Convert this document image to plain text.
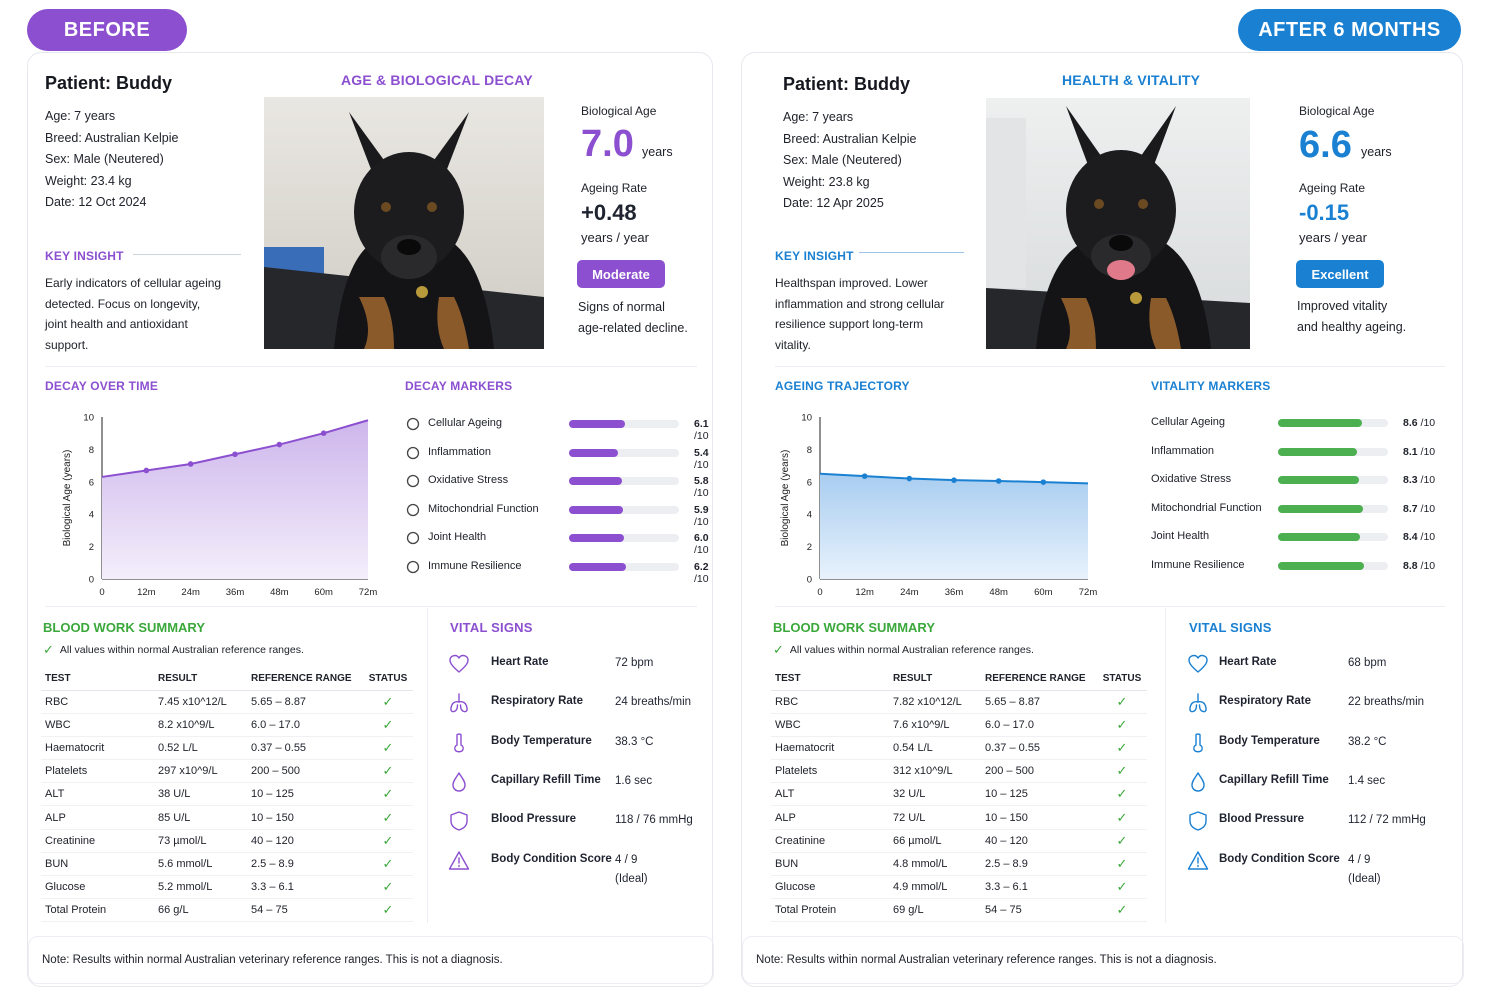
BEFORE	AFTER 6 MONTHS
Patient: Buddy
Age: 7 years
Breed: Australian Kelpie
Sex: Male (Neutered)
Weight: 23.4 kg
Date: 12 Oct 2024
AGE & BIOLOGICAL DECAY
KEY INSIGHT
Early indicators of cellular ageing
detected. Focus on longevity,
joint health and antioxidant
support.
Biological Age
7.0 years
Ageing Rate
+0.48
years / year
Moderate
Signs of normal
age-related decline.
DECAY OVER TIME
0
2
4
6
8
10
0	12m	24m	36m	48m	60m	72m
Biological Age (years)
DECAY MARKERS
Cellular Ageing	6.1 /10
Inflammation	5.4 /10
Oxidative Stress	5.8 /10
Mitochondrial Function	5.9 /10
Joint Health	6.0 /10
Immune Resilience	6.2 /10
BLOOD WORK SUMMARY
✓ All values within normal Australian reference ranges.
TEST	RESULT	REFERENCE RANGE	STATUS
RBC	7.45 x10^12/L	5.65 – 8.87	✓
WBC	8.2 x10^9/L	6.0 – 17.0	✓
Haematocrit	0.52 L/L	0.37 – 0.55	✓
Platelets	297 x10^9/L	200 – 500	✓
ALT	38 U/L	10 – 125	✓
ALP	85 U/L	10 – 150	✓
Creatinine	73 µmol/L	40 – 120	✓
BUN	5.6 mmol/L	2.5 – 8.9	✓
Glucose	5.2 mmol/L	3.3 – 6.1	✓
Total Protein	66 g/L	54 – 75	✓
VITAL SIGNS
Heart Rate	72 bpm
Respiratory Rate	24 breaths/min
Body Temperature 38.3 °C
Capillary Refill Time 1.6 sec
Blood Pressure	118 / 76 mmHg
Body Condition Score 4 / 9
(Ideal)
Note: Results within normal Australian veterinary reference ranges. This is not a diagnosis.
Patient: Buddy
Age: 7 years
Breed: Australian Kelpie
Sex: Male (Neutered)
Weight: 23.8 kg
Date: 12 Apr 2025
HEALTH & VITALITY
KEY INSIGHT
Healthspan improved. Lower
inflammation and strong cellular
resilience support long-term
vitality.
Biological Age
6.6 years
Ageing Rate
-0.15
years / year
Excellent
Improved vitality
and healthy ageing.
AGEING TRAJECTORY
0
2
4
6
8
10
0	12m	24m	36m	48m	60m	72m
Biological Age (years)
VITALITY MARKERS
Cellular Ageing	8.6 /10
Inflammation	8.1 /10
Oxidative Stress	8.3 /10
Mitochondrial Function	8.7 /10
Joint Health	8.4 /10
Immune Resilience	8.8 /10
BLOOD WORK SUMMARY
✓ All values within normal Australian reference ranges.
TEST	RESULT	REFERENCE RANGE	STATUS
RBC	7.82 x10^12/L	5.65 – 8.87	✓
WBC	7.6 x10^9/L	6.0 – 17.0	✓
Haematocrit	0.54 L/L	0.37 – 0.55	✓
Platelets	312 x10^9/L	200 – 500	✓
ALT	32 U/L	10 – 125	✓
ALP	72 U/L	10 – 150	✓
Creatinine	66 µmol/L	40 – 120	✓
BUN	4.8 mmol/L	2.5 – 8.9	✓
Glucose	4.9 mmol/L	3.3 – 6.1	✓
Total Protein	69 g/L	54 – 75	✓
VITAL SIGNS
Heart Rate	68 bpm
Respiratory Rate	22 breaths/min
Body Temperature 38.2 °C
Capillary Refill Time 1.4 sec
Blood Pressure	112 / 72 mmHg
Body Condition Score 4 / 9
(Ideal)
Note: Results within normal Australian veterinary reference ranges. This is not a diagnosis.
